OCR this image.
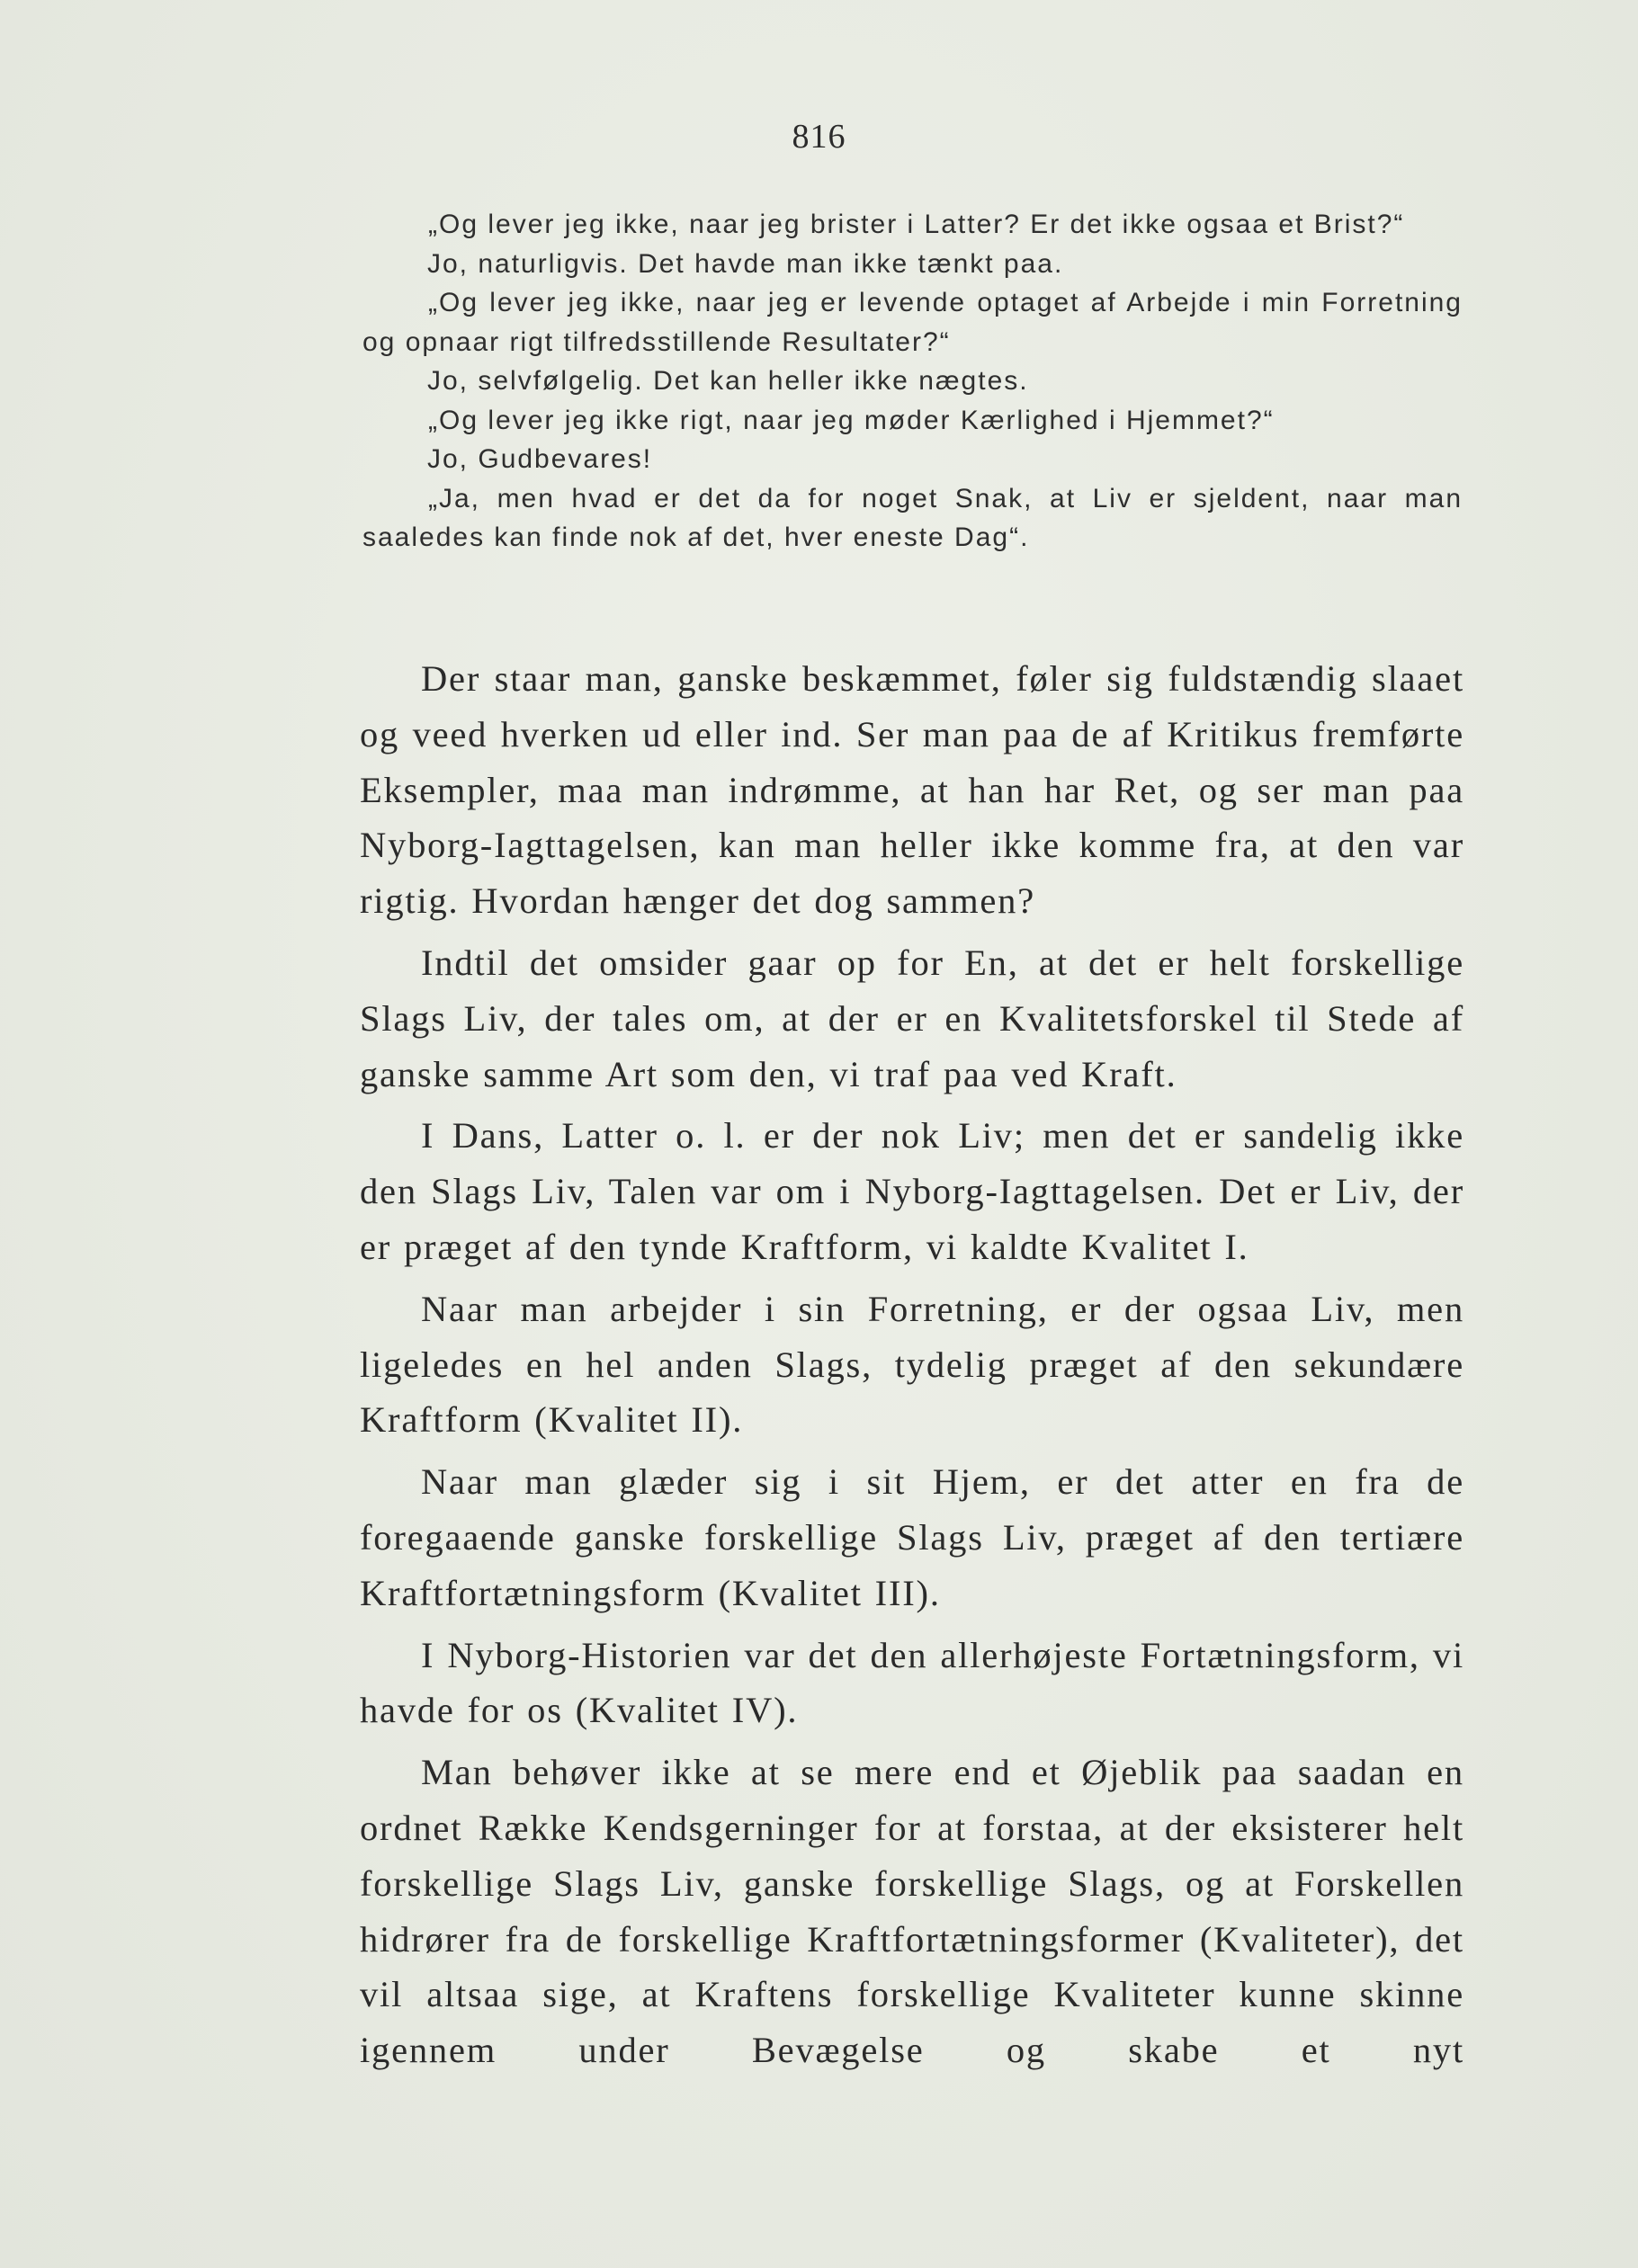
816

„Og lever jeg ikke, naar jeg brister i Latter? Er det ikke ogsaa et Brist?“

Jo, naturligvis. Det havde man ikke tænkt paa.

„Og lever jeg ikke, naar jeg er levende optaget af Arbejde i min Forretning og opnaar rigt tilfredsstillende Resultater?“

Jo, selvfølgelig. Det kan heller ikke nægtes.

„Og lever jeg ikke rigt, naar jeg møder Kærlighed i Hjemmet?“

Jo, Gudbevares!

„Ja, men hvad er det da for noget Snak, at Liv er sjeldent, naar man saaledes kan finde nok af det, hver eneste Dag“.

Der staar man, ganske beskæmmet, føler sig fuldstændig slaaet og veed hverken ud eller ind. Ser man paa de af Kritikus fremførte Eksempler, maa man indrømme, at han har Ret, og ser man paa Nyborg-Iagttagelsen, kan man heller ikke komme fra, at den var rigtig. Hvordan hænger det dog sammen?

Indtil det omsider gaar op for En, at det er helt forskellige Slags Liv, der tales om, at der er en Kvalitetsforskel til Stede af ganske samme Art som den, vi traf paa ved Kraft.

I Dans, Latter o. l. er der nok Liv; men det er sandelig ikke den Slags Liv, Talen var om i Nyborg-Iagttagelsen. Det er Liv, der er præget af den tynde Kraftform, vi kaldte Kvalitet I.

Naar man arbejder i sin Forretning, er der ogsaa Liv, men ligeledes en hel anden Slags, tydelig præget af den sekundære Kraftform (Kvalitet II).

Naar man glæder sig i sit Hjem, er det atter en fra de foregaaende ganske forskellige Slags Liv, præget af den tertiære Kraftfortætningsform (Kvalitet III).

I Nyborg-Historien var det den allerhøjeste Fortætningsform, vi havde for os (Kvalitet IV).

Man behøver ikke at se mere end et Øjeblik paa saadan en ordnet Række Kendsgerninger for at forstaa, at der eksisterer helt forskellige Slags Liv, ganske forskellige Slags, og at Forskellen hidrører fra de forskellige Kraftfortætningsformer (Kvaliteter), det vil altsaa sige, at Kraftens forskellige Kvaliteter kunne skinne igennem under Bevægelse og skabe et nyt
